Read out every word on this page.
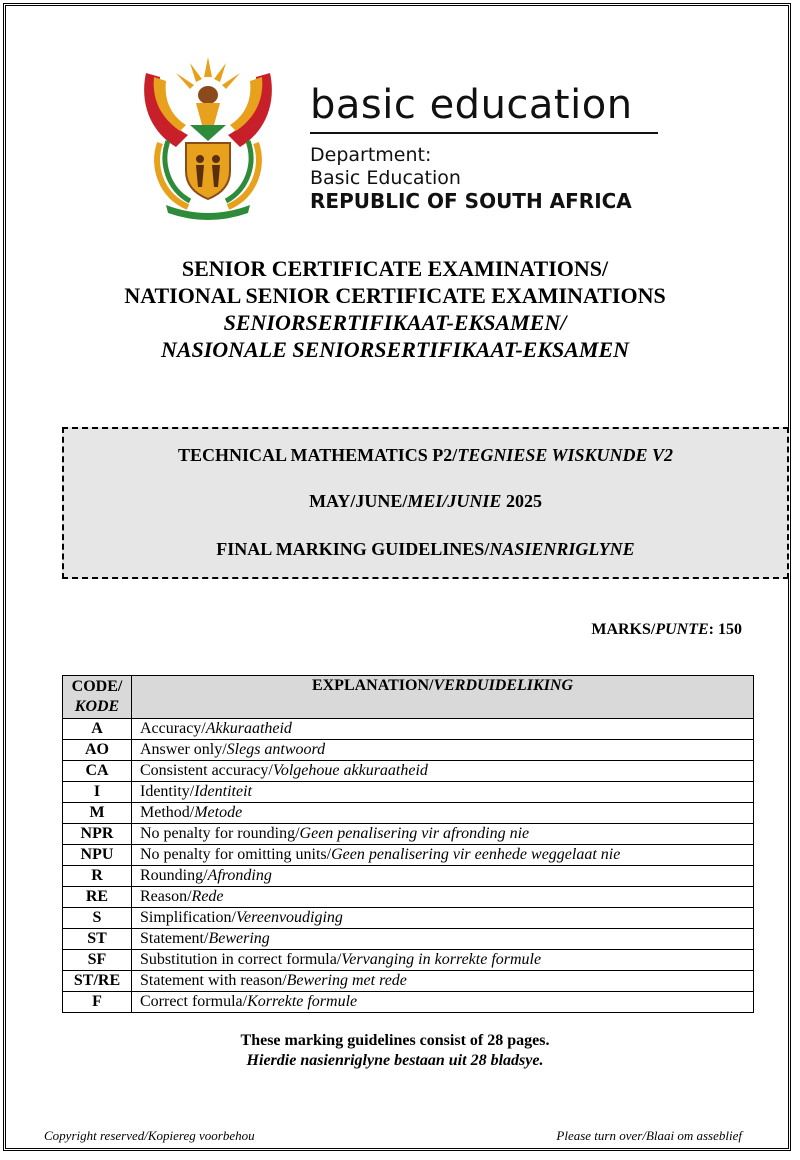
basic education
Department:
Basic Education
REPUBLIC OF SOUTH AFRICA
SENIOR CERTIFICATE EXAMINATIONS/
NATIONAL SENIOR CERTIFICATE EXAMINATIONS
SENIORSERTIFIKAAT-EKSAMEN/
NASIONALE SENIORSERTIFIKAAT-EKSAMEN
TECHNICAL MATHEMATICS P2/TEGNIESE WISKUNDE V2
MAY/JUNE/MEI/JUNIE 2025
FINAL MARKING GUIDELINES/NASIENRIGLYNE
MARKS/PUNTE: 150
CODE/
KODE	EXPLANATION/VERDUIDELIKING
A	Accuracy/Akkuraatheid
AO	Answer only/Slegs antwoord
CA	Consistent accuracy/Volgehoue akkuraatheid
I	Identity/Identiteit
M	Method/Metode
NPR	No penalty for rounding/Geen penalisering vir afronding nie
NPU	No penalty for omitting units/Geen penalisering vir eenhede weggelaat nie
R	Rounding/Afronding
RE	Reason/Rede
S	Simplification/Vereenvoudiging
ST	Statement/Bewering
SF	Substitution in correct formula/Vervanging in korrekte formule
ST/RE	Statement with reason/Bewering met rede
F	Correct formula/Korrekte formule
These marking guidelines consist of 28 pages.
Hierdie nasienriglyne bestaan uit 28 bladsye.
Copyright reserved/Kopiereg voorbehou	Please turn over/Blaai om asseblief
